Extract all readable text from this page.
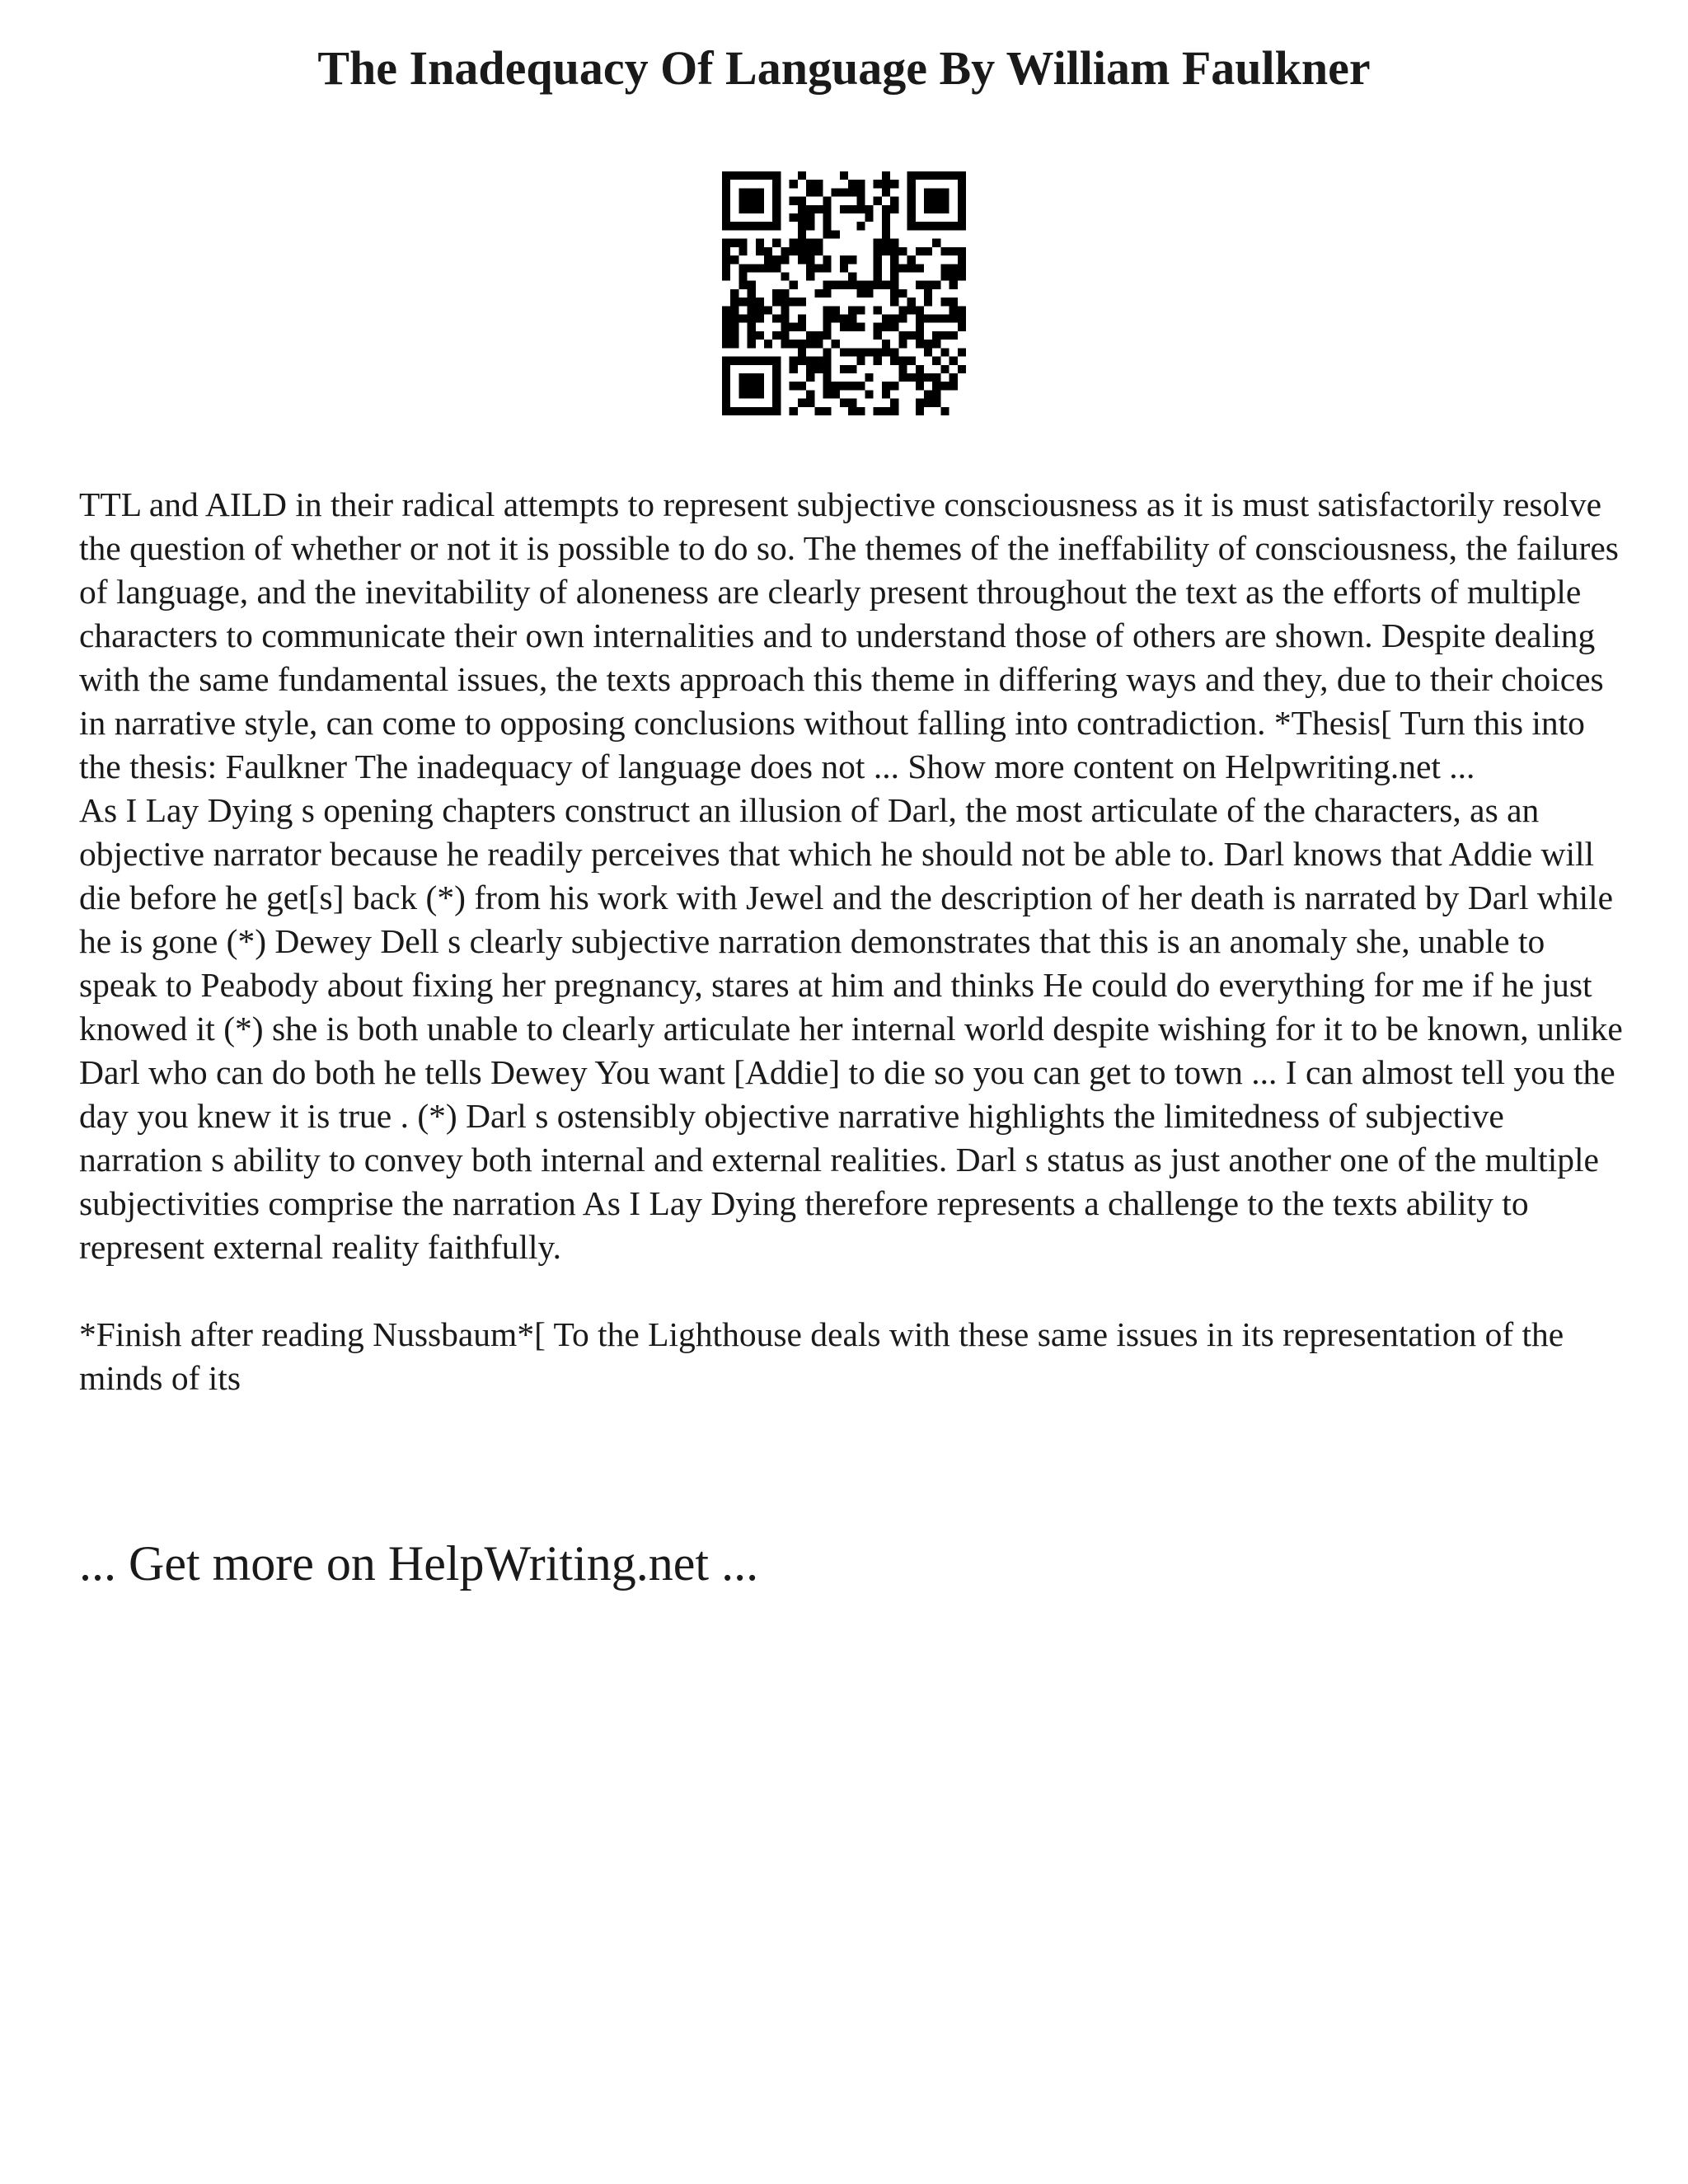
The Inadequacy Of Language By William Faulkner

TTL and AILD in their radical attempts to represent subjective consciousness as it is must satisfactorily resolve the question of whether or not it is possible to do so. The themes of the ineffability of consciousness, the failures of language, and the inevitability of aloneness are clearly present throughout the text as the efforts of multiple characters to communicate their own internalities and to understand those of others are shown. Despite dealing with the same fundamental issues, the texts approach this theme in differing ways and they, due to their choices in narrative style, can come to opposing conclusions without falling into contradiction. *Thesis[ Turn this into the thesis: Faulkner The inadequacy of language does not ... Show more content on Helpwriting.net ...

As I Lay Dying s opening chapters construct an illusion of Darl, the most articulate of the characters, as an objective narrator because he readily perceives that which he should not be able to. Darl knows that Addie will die before he get[s] back (*) from his work with Jewel and the description of her death is narrated by Darl while he is gone (*) Dewey Dell s clearly subjective narration demonstrates that this is an anomaly she, unable to speak to Peabody about fixing her pregnancy, stares at him and thinks He could do everything for me if he just knowed it (*) she is both unable to clearly articulate her internal world despite wishing for it to be known, unlike Darl who can do both he tells Dewey You want [Addie] to die so you can get to town ... I can almost tell you the day you knew it is true . (*) Darl s ostensibly objective narrative highlights the limitedness of subjective narration s ability to convey both internal and external realities. Darl s status as just another one of the multiple subjectivities comprise the narration As I Lay Dying therefore represents a challenge to the texts ability to represent external reality faithfully.

*Finish after reading Nussbaum*[ To the Lighthouse deals with these same issues in its representation of the minds of its

... Get more on HelpWriting.net ...
